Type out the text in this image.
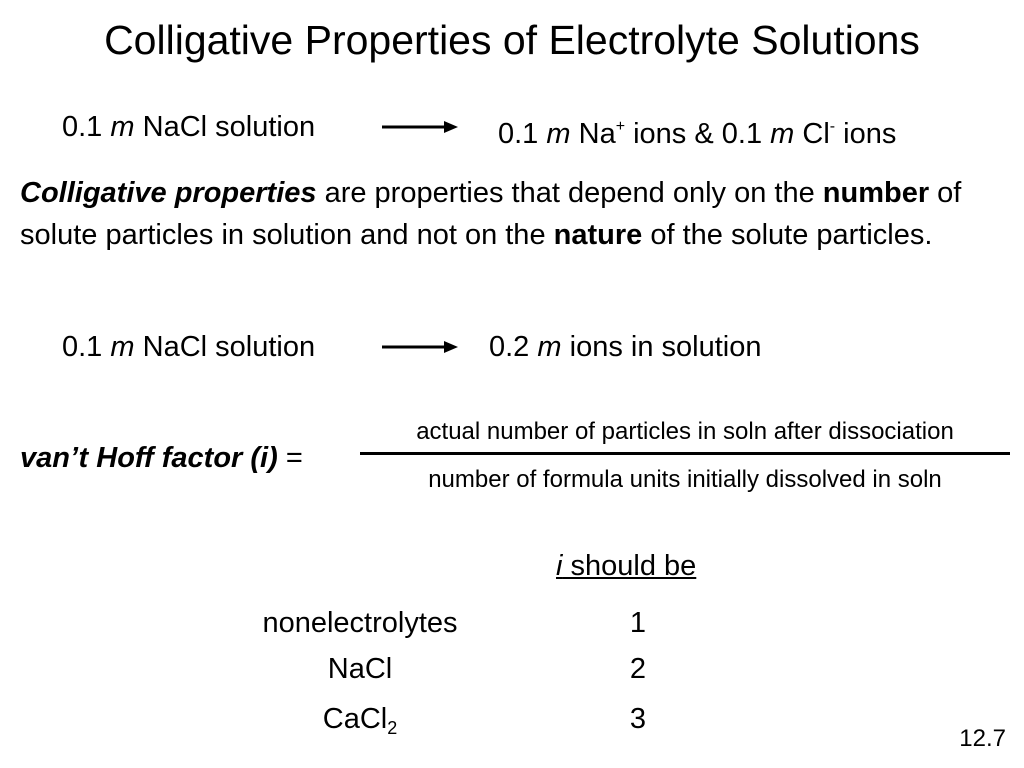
Colligative Properties of Electrolyte Solutions
0.1 m NaCl solution	0.1 m Na+ ions & 0.1 m Cl- ions
Colligative properties are properties that depend only on the number of solute particles in solution and not on the nature of the solute particles.
0.1 m NaCl solution	0.2 m ions in solution
van’t Hoff factor (i) =
actual number of particles in soln after dissociation
number of formula units initially dissolved in soln
i should be
nonelectrolytes	1
NaCl	2
CaCl$_2$	3
12.7
